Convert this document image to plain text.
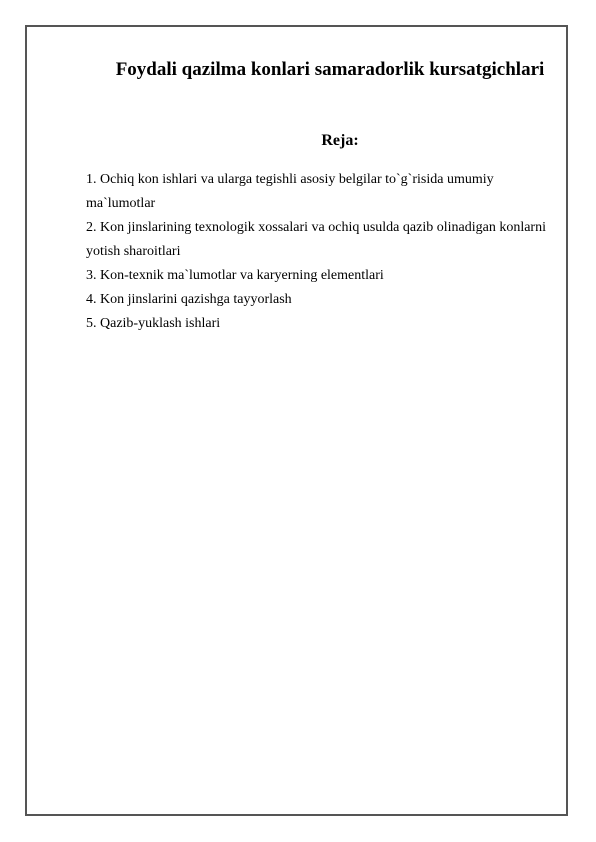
Foydali qazilma konlari samaradorlik kursatgichlari
Reja:
1. Ochiq kon ishlari va ularga tegishli asosiy belgilar to`g`risida umumiy ma`lumotlar
2. Kon jinslarining texnologik xossalari va ochiq usulda qazib olinadigan konlarni yotish sharoitlari
3. Kon-texnik ma`lumotlar va karyerning elementlari
4. Kon jinslarini qazishga tayyorlash
5. Qazib-yuklash ishlari
